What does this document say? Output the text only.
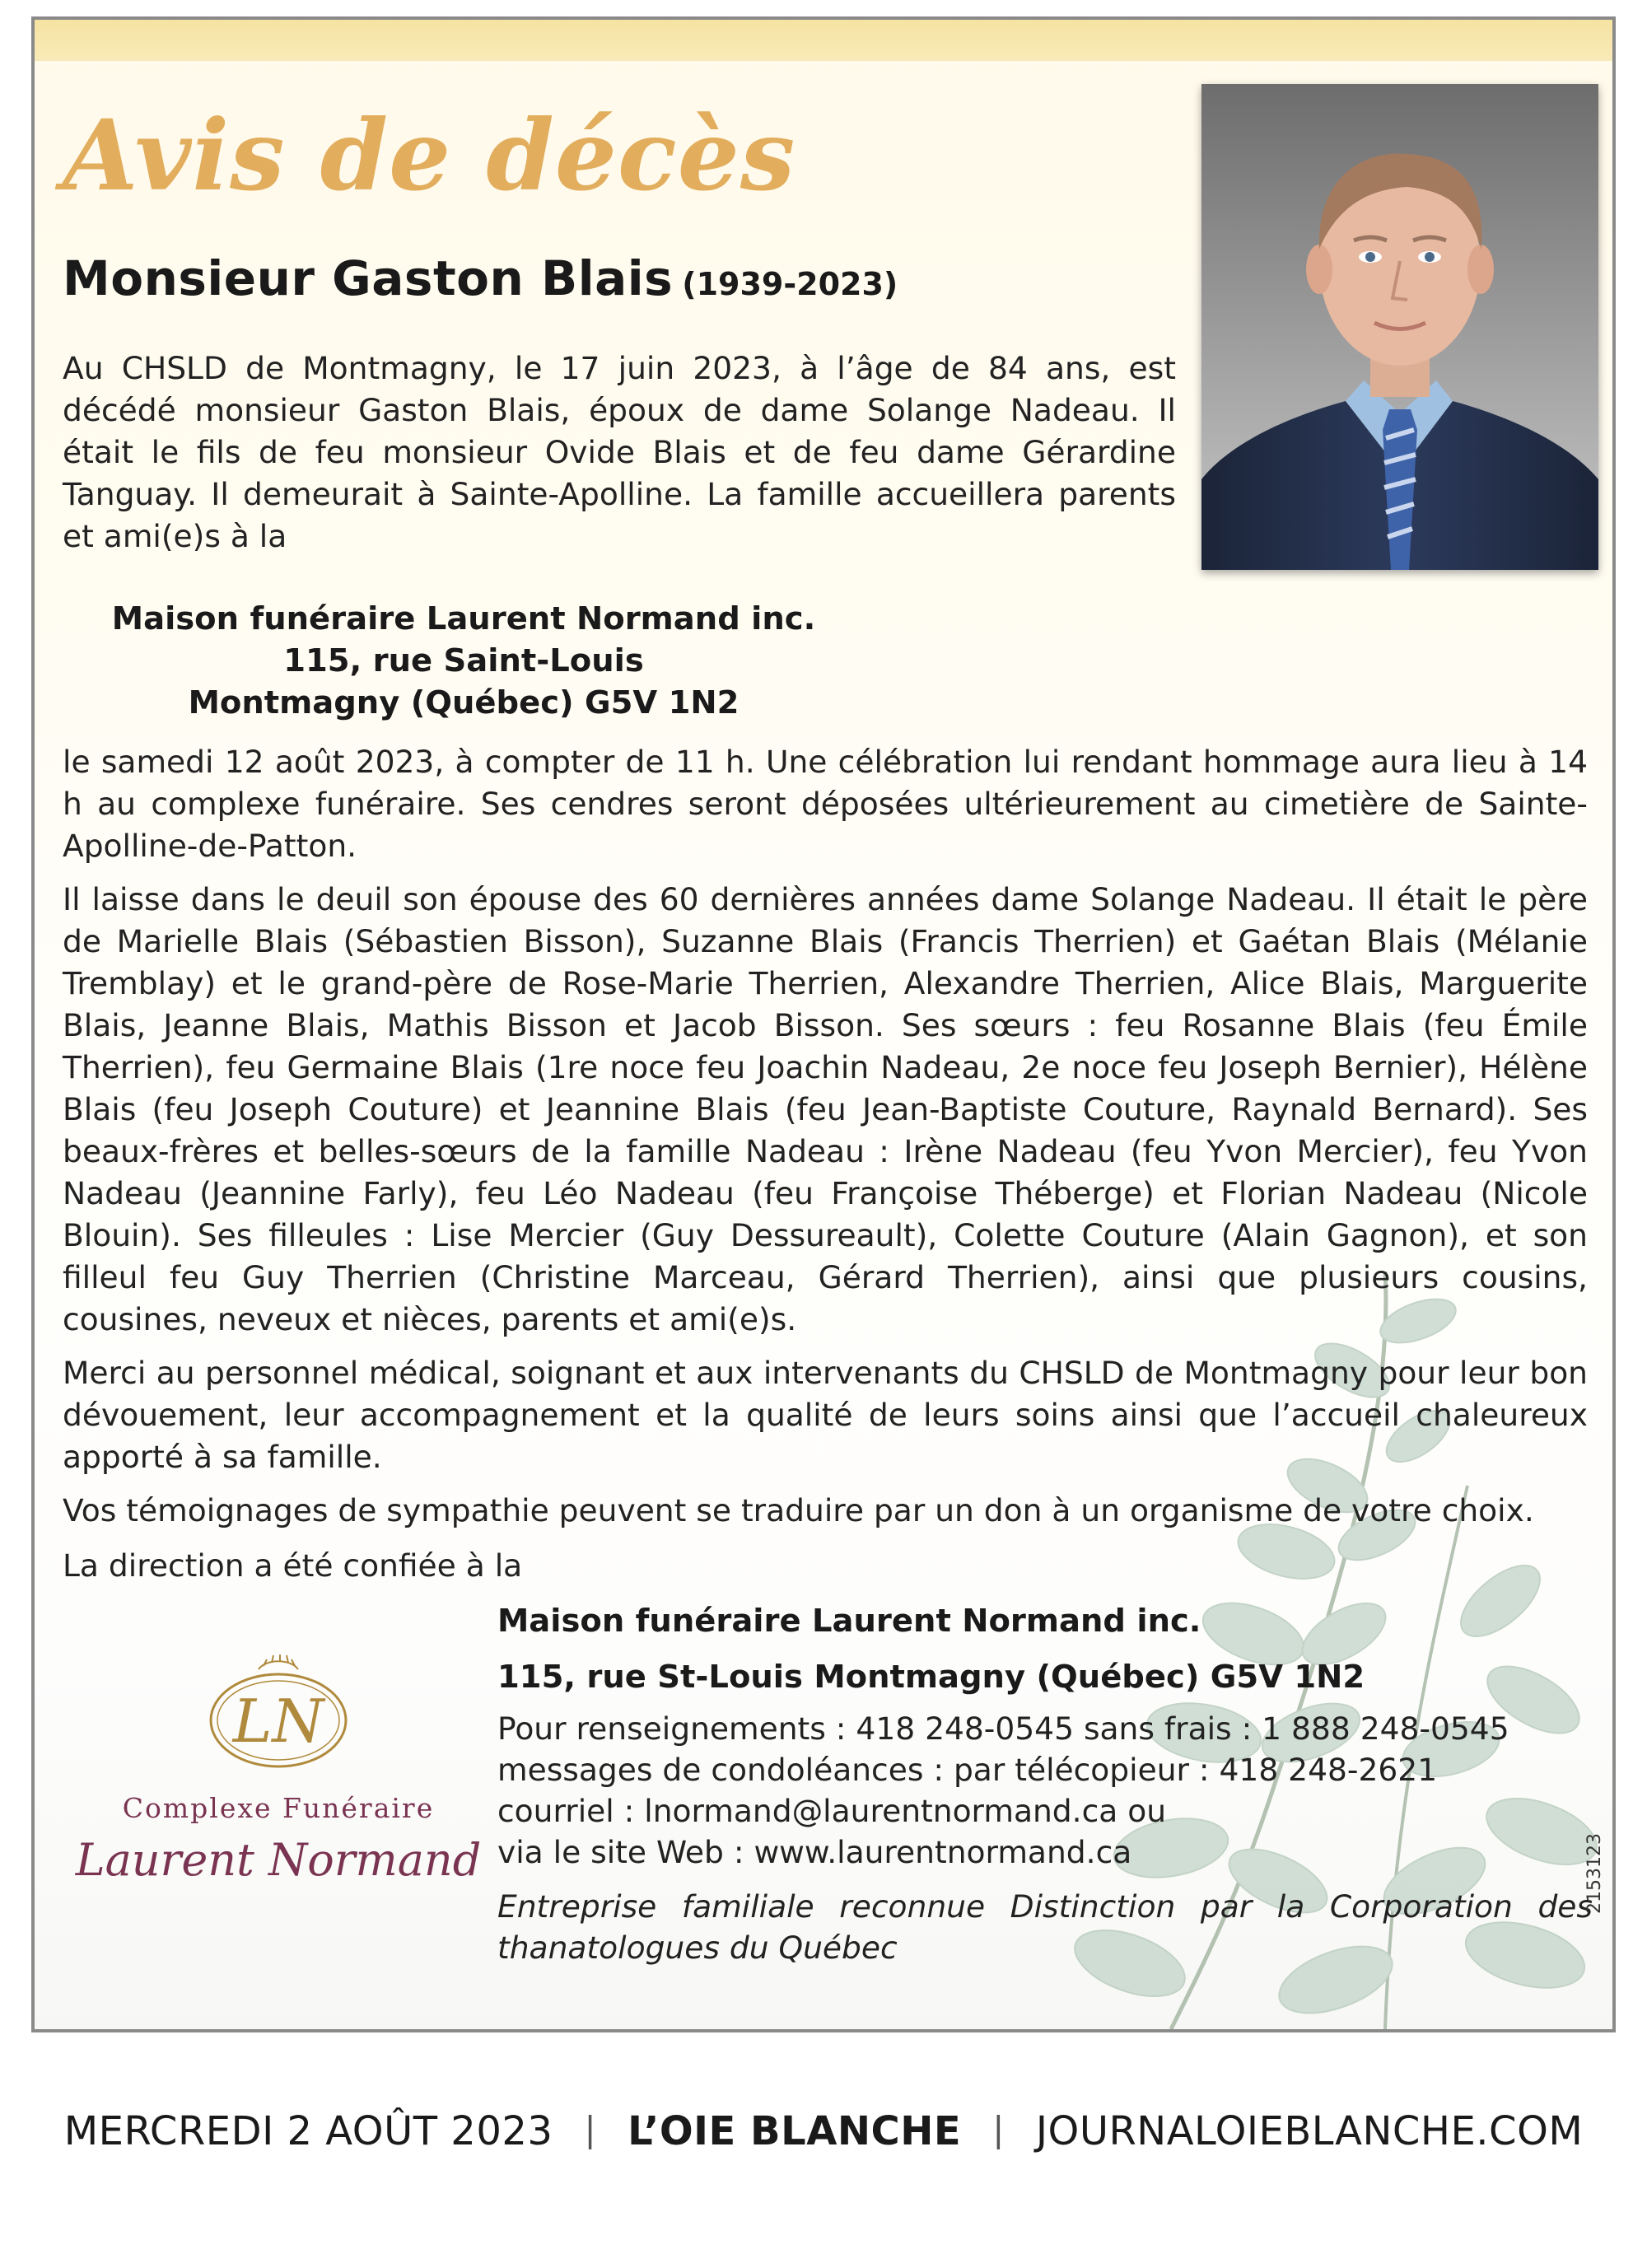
Avis de décès
Monsieur Gaston Blais (1939-2023)

Au CHSLD de Montmagny, le 17 juin 2023, à l’âge de 84 ans, est décédé monsieur Gaston Blais, époux de dame Solange Nadeau. Il était le fils de feu monsieur Ovide Blais et de feu dame Gérardine Tanguay. Il demeurait à Sainte-Apolline. La famille accueillera parents et ami(e)s à la

Maison funéraire Laurent Normand inc.
115, rue Saint-Louis
Montmagny (Québec) G5V 1N2

le samedi 12 août 2023, à compter de 11 h. Une célébration lui rendant hommage aura lieu à 14 h au complexe funéraire. Ses cendres seront déposées ultérieurement au cimetière de Sainte-Apolline-de-Patton.

Il laisse dans le deuil son épouse des 60 dernières années dame Solange Nadeau. Il était le père de Marielle Blais (Sébastien Bisson), Suzanne Blais (Francis Therrien) et Gaétan Blais (Mélanie Tremblay) et le grand-père de Rose-Marie Therrien, Alexandre Therrien, Alice Blais, Marguerite Blais, Jeanne Blais, Mathis Bisson et Jacob Bisson. Ses sœurs : feu Rosanne Blais (feu Émile Therrien), feu Germaine Blais (1re noce feu Joachin Nadeau, 2e noce feu Joseph Bernier), Hélène Blais (feu Joseph Couture) et Jeannine Blais (feu Jean-Baptiste Couture, Raynald Bernard). Ses beaux-frères et belles-sœurs de la famille Nadeau : Irène Nadeau (feu Yvon Mercier), feu Yvon Nadeau (Jeannine Farly), feu Léo Nadeau (feu Françoise Théberge) et Florian Nadeau (Nicole Blouin). Ses filleules : Lise Mercier (Guy Dessureault), Colette Couture (Alain Gagnon), et son filleul feu Guy Therrien (Christine Marceau, Gérard Therrien), ainsi que plusieurs cousins, cousines, neveux et nièces, parents et ami(e)s.

Merci au personnel médical, soignant et aux intervenants du CHSLD de Montmagny pour leur bon dévouement, leur accompagnement et la qualité de leurs soins ainsi que l’accueil chaleureux apporté à sa famille.

Vos témoignages de sympathie peuvent se traduire par un don à un organisme de votre choix.

La direction a été confiée à la

LN
Complexe Funéraire
Laurent Normand
Maison funéraire Laurent Normand inc.
115, rue St-Louis Montmagny (Québec) G5V 1N2
Pour renseignements : 418 248-0545 sans frais : 1 888 248-0545
messages de condoléances : par télécopieur : 418 248-2621
courriel : lnormand@laurentnormand.ca ou
via le site Web : www.laurentnormand.ca

Entreprise familiale reconnue Distinction par la Corporation des thanatologues du Québec

2153123
MERCREDI 2 AOÛT 2023 | L’OIE BLANCHE | JOURNALOIEBLANCHE.COM
